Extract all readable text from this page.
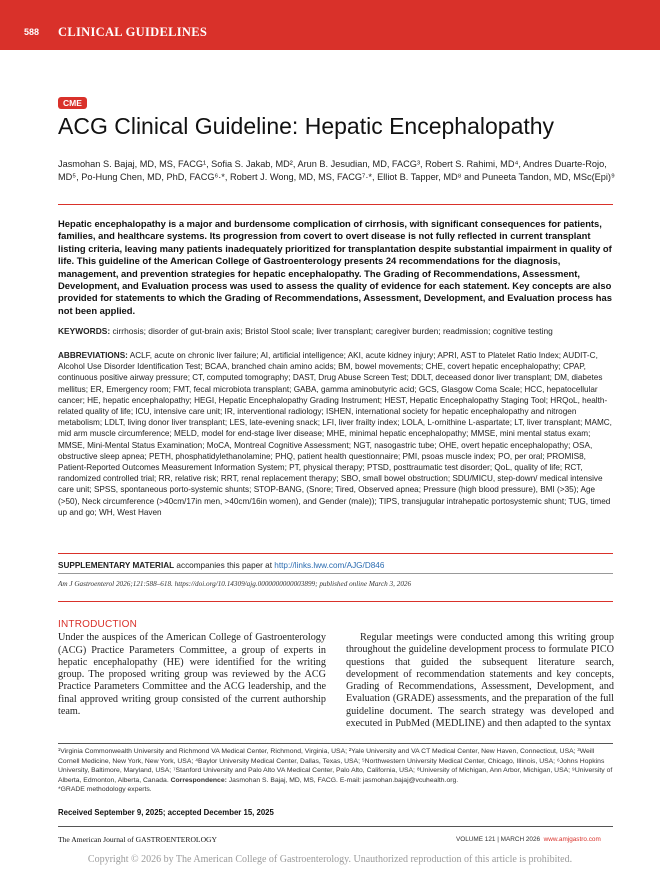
588 CLINICAL GUIDELINES
CME
ACG Clinical Guideline: Hepatic Encephalopathy
Jasmohan S. Bajaj, MD, MS, FACG¹, Sofia S. Jakab, MD², Arun B. Jesudian, MD, FACG³, Robert S. Rahimi, MD⁴, Andres Duarte-Rojo, MD⁵, Po-Hung Chen, MD, PhD, FACG⁶·*, Robert J. Wong, MD, MS, FACG⁷·*, Elliot B. Tapper, MD⁸ and Puneeta Tandon, MD, MSc(Epi)⁹
Hepatic encephalopathy is a major and burdensome complication of cirrhosis, with significant consequences for patients, families, and healthcare systems. Its progression from covert to overt disease is not fully reflected in current transplant listing criteria, leaving many patients inadequately prioritized for transplantation despite substantial impairment in quality of life. This guideline of the American College of Gastroenterology presents 24 recommendations for the diagnosis, management, and prevention strategies for hepatic encephalopathy. The Grading of Recommendations, Assessment, Development, and Evaluation process was used to assess the quality of evidence for each statement. Key concepts are also provided for statements to which the Grading of Recommendations, Assessment, Development, and Evaluation process has not been applied.
KEYWORDS: cirrhosis; disorder of gut-brain axis; Bristol Stool scale; liver transplant; caregiver burden; readmission; cognitive testing
ABBREVIATIONS: ACLF, acute on chronic liver failure; AI, artificial intelligence; AKI, acute kidney injury; APRI, AST to Platelet Ratio Index; AUDIT-C, Alcohol Use Disorder Identification Test; BCAA, branched chain amino acids; BM, bowel movements; CHE, covert hepatic encephalopathy; CPAP, continuous positive airway pressure; CT, computed tomography; DAST, Drug Abuse Screen Test; DDLT, deceased donor liver transplant; DM, diabetes mellitus; ER, Emergency room; FMT, fecal microbiota transplant; GABA, gamma aminobutyric acid; GCS, Glasgow Coma Scale; HCC, hepatocellular cancer; HE, hepatic encephalopathy; HEGI, Hepatic Encephalopathy Grading Instrument; HEST, Hepatic Encephalopathy Staging Tool; HRQoL, health-related quality of life; ICU, intensive care unit; IR, interventional radiology; ISHEN, international society for hepatic encephalopathy and nitrogen metabolism; LDLT, living donor liver transplant; LES, late-evening snack; LFI, liver frailty index; LOLA, L-ornithine L-aspartate; LT, liver transplant; MAMC, mid arm muscle circumference; MELD, model for end-stage liver disease; MHE, minimal hepatic encephalopathy; MMSE, mini mental status exam; MMSE, Mini-Mental Status Examination; MoCA, Montreal Cognitive Assessment; NGT, nasogastric tube; OHE, overt hepatic encephalopathy; OSA, obstructive sleep apnea; PETH, phosphatidylethanolamine; PHQ, patient health questionnaire; PMI, psoas muscle index; PO, per oral; PROMIS8, Patient-Reported Outcomes Measurement Information System; PT, physical therapy; PTSD, posttraumatic test disorder; QoL, quality of life; RCT, randomized controlled trial; RR, relative risk; RRT, renal replacement therapy; SBO, small bowel obstruction; SDU/MICU, step-down/ medical intensive care unit; SPSS, spontaneous porto-systemic shunts; STOP-BANG, (Snore; Tired, Observed apnea; Pressure (high blood pressure), BMI (>35); Age (>50), Neck circumference (>40cm/17in men, >40cm/16in women), and Gender (male)); TIPS, transjugular intrahepatic portosystemic shunt; TUG, timed up and go; WH, West Haven
SUPPLEMENTARY MATERIAL accompanies this paper at http://links.lww.com/AJG/D846
Am J Gastroenterol 2026;121:588–618. https://doi.org/10.14309/ajg.0000000000003899; published online March 3, 2026
INTRODUCTION
Under the auspices of the American College of Gastroenterology (ACG) Practice Parameters Committee, a group of experts in hepatic encephalopathy (HE) were identified for the writing group. The proposed writing group was reviewed by the ACG Practice Parameters Committee and the ACG leadership, and the final approved writing group consisted of the current authorship team.
Regular meetings were conducted among this writing group throughout the guideline development process to formulate PICO questions that guided the subsequent literature search, development of recommendation statements and key concepts, Grading of Recommendations, Assessment, Development, and Evaluation (GRADE) assessments, and the preparation of the full guideline document. The search strategy was developed and executed in PubMed (MEDLINE) and then adapted to the syntax
¹Virginia Commonwealth University and Richmond VA Medical Center, Richmond, Virginia, USA; ²Yale University and VA CT Medical Center, New Haven, Connecticut, USA; ³Weill Cornell Medicine, New York, New York, USA; ⁴Baylor University Medical Center, Dallas, Texas, USA; ⁵Northwestern University Medical Center, Chicago, Illinois, USA; ⁶Johns Hopkins University, Baltimore, Maryland, USA; ⁷Stanford University and Palo Alto VA Medical Center, Palo Alto, California, USA; ⁸University of Michigan, Ann Arbor, Michigan, USA; ⁹University of Alberta, Edmonton, Alberta, Canada. Correspondence: Jasmohan S. Bajaj, MD, MS, FACG. E-mail: jasmohan.bajaj@vcuhealth.org.
*GRADE methodology experts.
Received September 9, 2025; accepted December 15, 2025
The American Journal of GASTROENTEROLOGY	VOLUME 121 | MARCH 2026 www.amjgastro.com
Copyright © 2026 by The American College of Gastroenterology. Unauthorized reproduction of this article is prohibited.
